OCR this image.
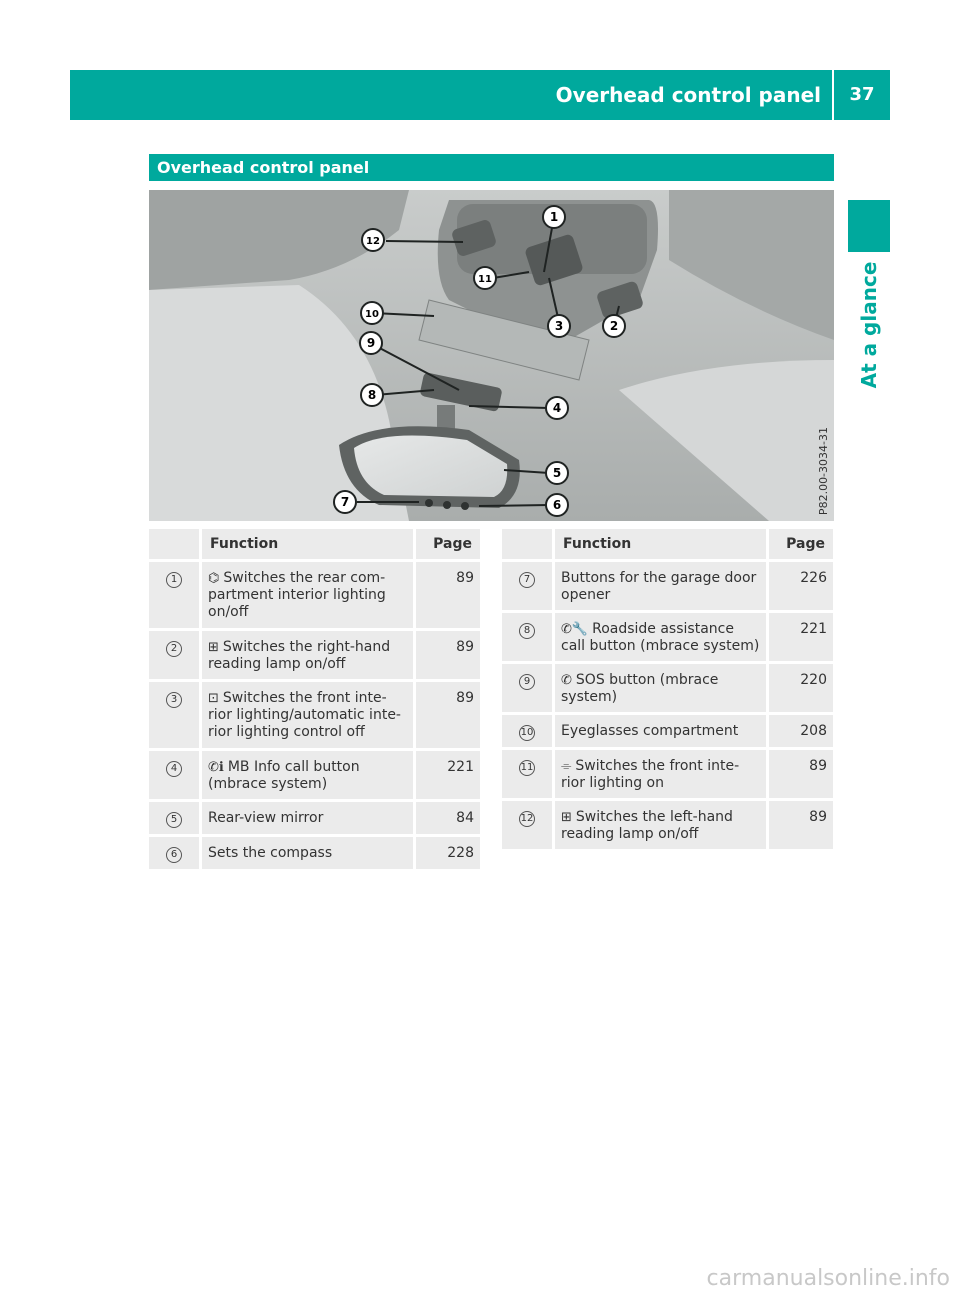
Overhead control panel	37
At a glance
Overhead control panel
1
2
3
4
5
6
7
8
9
10
11
12
P82.00-3034-31
	Function	Page
1	⌬ Switches the rear com-partment interior lighting on/off	89
2	⊞ Switches the right-hand reading lamp on/off	89
3	⊡ Switches the front inte-rior lighting/automatic inte-rior lighting control off	89
4	✆ℹ MB Info call button (mbrace system)	221
5	Rear-view mirror	84
6	Sets the compass	228
	Function	Page
7	Buttons for the garage door opener	226
8	✆🔧 Roadside assistance call button (mbrace system)	221
9	✆ SOS button (mbrace system)	220
10	Eyeglasses compartment	208
11	⌯ Switches the front inte-rior lighting on	89
12	⊞ Switches the left-hand reading lamp on/off	89
carmanualsonline.info
